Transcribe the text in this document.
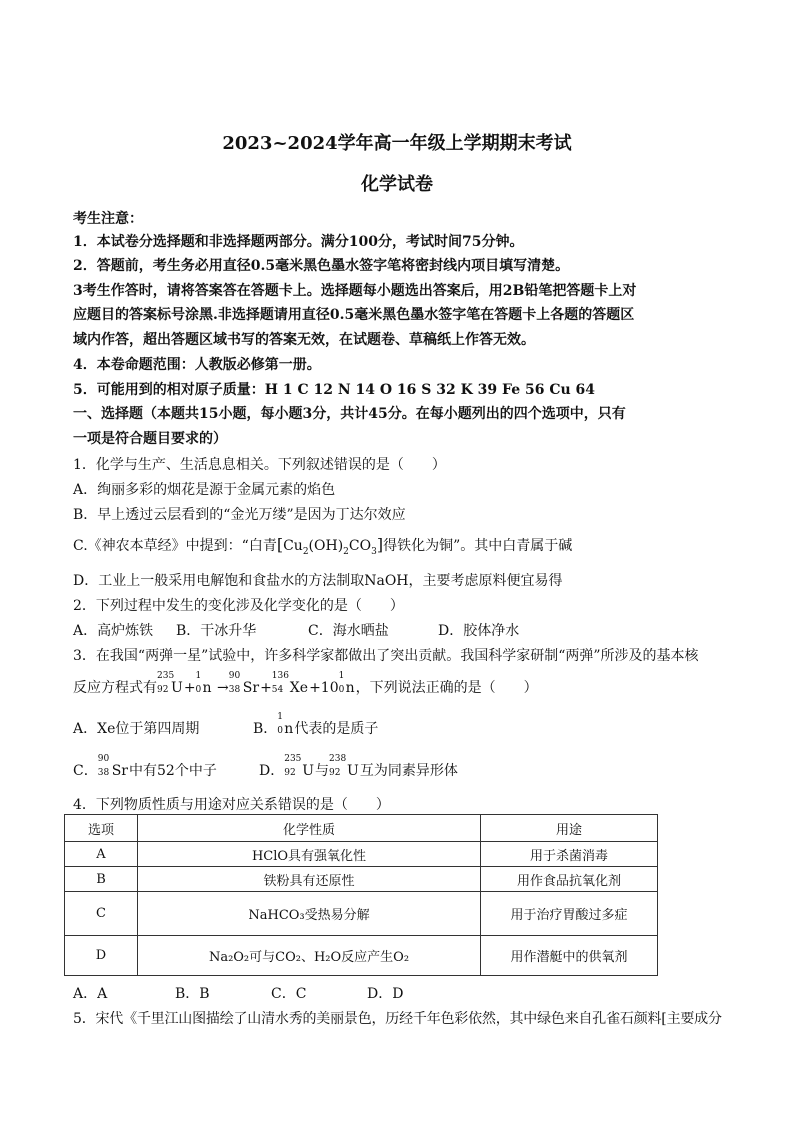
2023~2024学年高一年级上学期期末考试
化学试卷
考生注意：
1．本试卷分选择题和非选择题两部分。满分100分，考试时间75分钟。
2．答题前，考生务必用直径0.5毫米黑色墨水签字笔将密封线内项目填写清楚。
3考生作答时，请将答案答在答题卡上。选择题每小题选出答案后，用2B铅笔把答题卡上对
应题目的答案标号涂黑.非选择题请用直径0.5毫米黑色墨水签字笔在答题卡上各题的答题区
域内作答，超出答题区域书写的答案无效，在试题卷、草稿纸上作答无效。
4．本卷命题范围：人教版必修第一册。
5．可能用到的相对原子质量：H 1 C 12 N 14 O 16 S 32 K 39 Fe 56 Cu 64
一、选择题（本题共15小题，每小题3分，共计45分。在每小题列出的四个选项中，只有
一项是符合题目要求的）
1．化学与生产、生活息息相关。下列叙述错误的是（　　）
A．绚丽多彩的烟花是源于金属元素的焰色
B．早上透过云层看到的“金光万缕”是因为丁达尔效应
C.《神农本草经》中提到：“白青$[Cu_2(OH)_2CO_3]$得铁化为铜”。其中白青属于碱
D．工业上一般采用电解饱和食盐水的方法制取NaOH，主要考虑原料便宜易得
2．下列过程中发生的变化涉及化学变化的是（　　）
A．高炉炼铁 B．干冰升华	C．海水晒盐	D．胶体净水
3．在我国“两弹一星”试验中，许多科学家都做出了突出贡献。我国科学家研制“两弹”所涉及的基本核
反应方程式有
235
92 U+
1
0 n →
90
38 Sr+
136
54 Xe+10
1
0 n，下列说法正确的是（　　）
A．Xe位于第四周期	B．
1
0 n代表的是质子
C．
90
38 Sr中有52个中子	D．
235
92 U与
238
92 U互为同素异形体
4．下列物质性质与用途对应关系错误的是（　　）
选项	化学性质	用途
A	HClO具有强氧化性	用于杀菌消毒
B	铁粉具有还原性	用作食品抗氧化剂
C	NaHCO₃受热易分解	用于治疗胃酸过多症
D	Na₂O₂可与CO₂、H₂O反应产生O₂	用作潜艇中的供氧剂
A．A	B．B	C．C	D．D
5．宋代《千里江山图描绘了山清水秀的美丽景色，历经千年色彩依然，其中绿色来自孔雀石颜料[主要成分
